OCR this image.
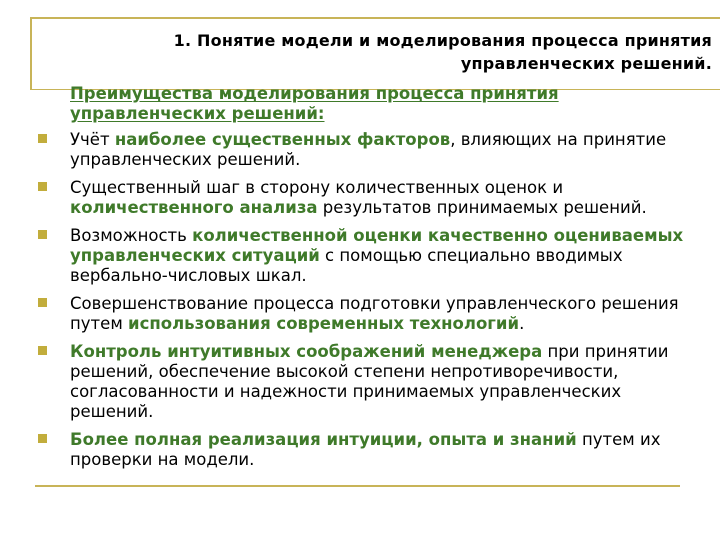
1. Понятие модели и моделирования процесса принятия
управленческих решений.
Преимущества моделирования процесса принятия
управленческих решений:
Учёт наиболее существенных факторов, влияющих на принятие управленческих решений.
Существенный шаг в сторону количественных оценок и количественного анализа результатов принимаемых решений.
Возможность количественной оценки качественно оцениваемых управленческих ситуаций с помощью специально вводимых вербально-числовых шкал.
Совершенствование процесса подготовки управленческого решения путем использования современных технологий.
Контроль интуитивных соображений менеджера при принятии решений, обеспечение высокой степени непротиворечивости, согласованности и надежности принимаемых управленческих решений.
Более полная реализация интуиции, опыта и знаний путем их проверки на модели.
